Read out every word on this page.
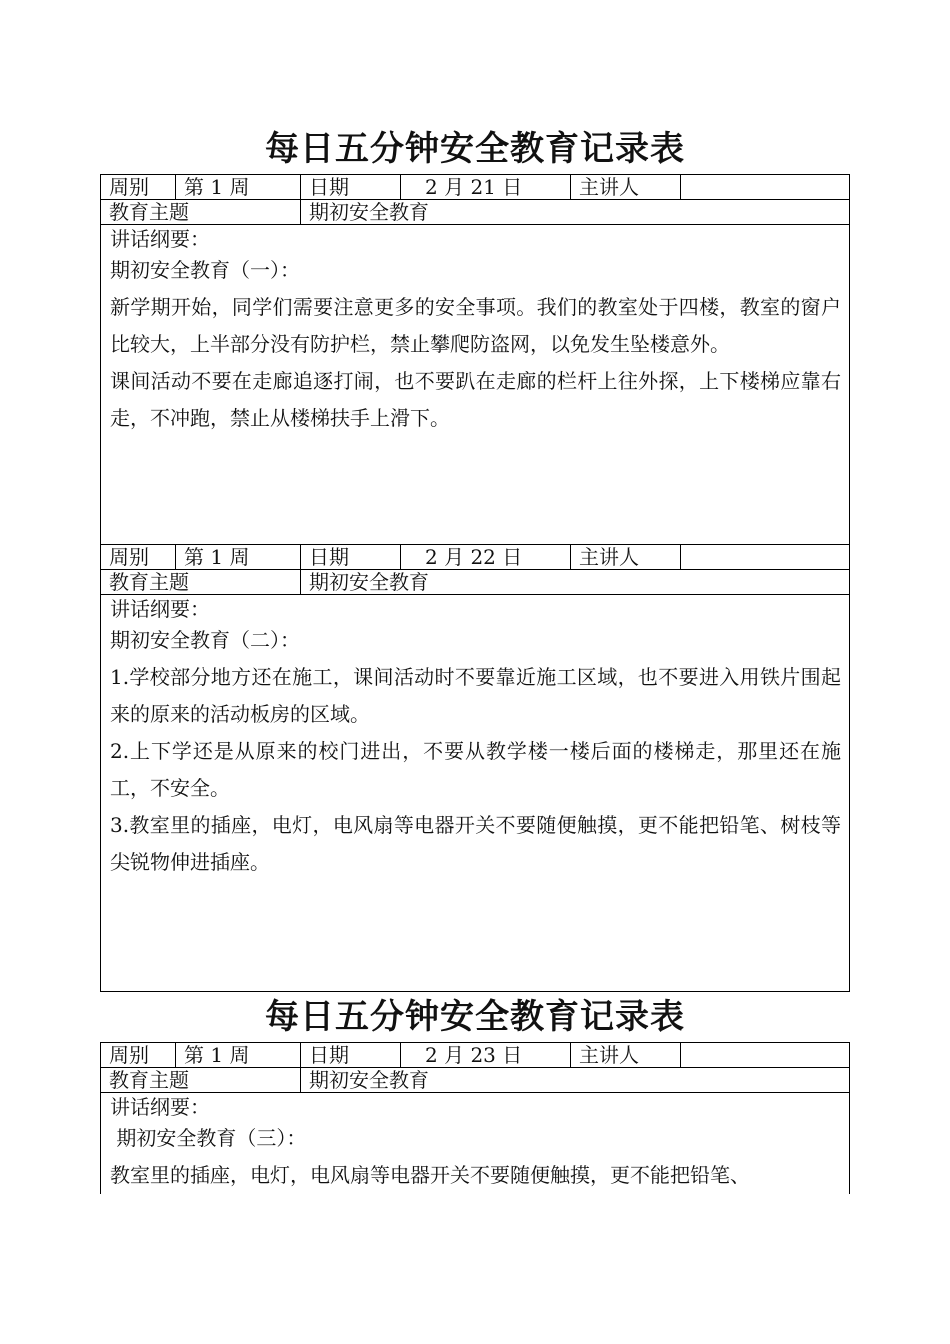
每日五分钟安全教育记录表
周别	第 1 周	日期	2 月 21 日	主讲人
教育主题	期初安全教育

讲话纲要：

期初安全教育（一）：

新学期开始，同学们需要注意更多的安全事项。我们的教室处于四楼，教室的窗户比较大，上半部分没有防护栏，禁止攀爬防盗网，以免发生坠楼意外。

课间活动不要在走廊追逐打闹，也不要趴在走廊的栏杆上往外探，上下楼梯应靠右走，不冲跑，禁止从楼梯扶手上滑下。

周别	第 1 周	日期	2 月 22 日	主讲人
教育主题	期初安全教育

讲话纲要：

期初安全教育（二）：

1.学校部分地方还在施工，课间活动时不要靠近施工区域，也不要进入用铁片围起来的原来的活动板房的区域。

2.上下学还是从原来的校门进出，不要从教学楼一楼后面的楼梯走，那里还在施工，不安全。

3.教室里的插座，电灯，电风扇等电器开关不要随便触摸，更不能把铅笔、树枝等尖锐物伸进插座。

每日五分钟安全教育记录表
周别	第 1 周	日期	2 月 23 日	主讲人
教育主题	期初安全教育

讲话纲要：

期初安全教育（三）：

教室里的插座，电灯，电风扇等电器开关不要随便触摸，更不能把铅笔、
